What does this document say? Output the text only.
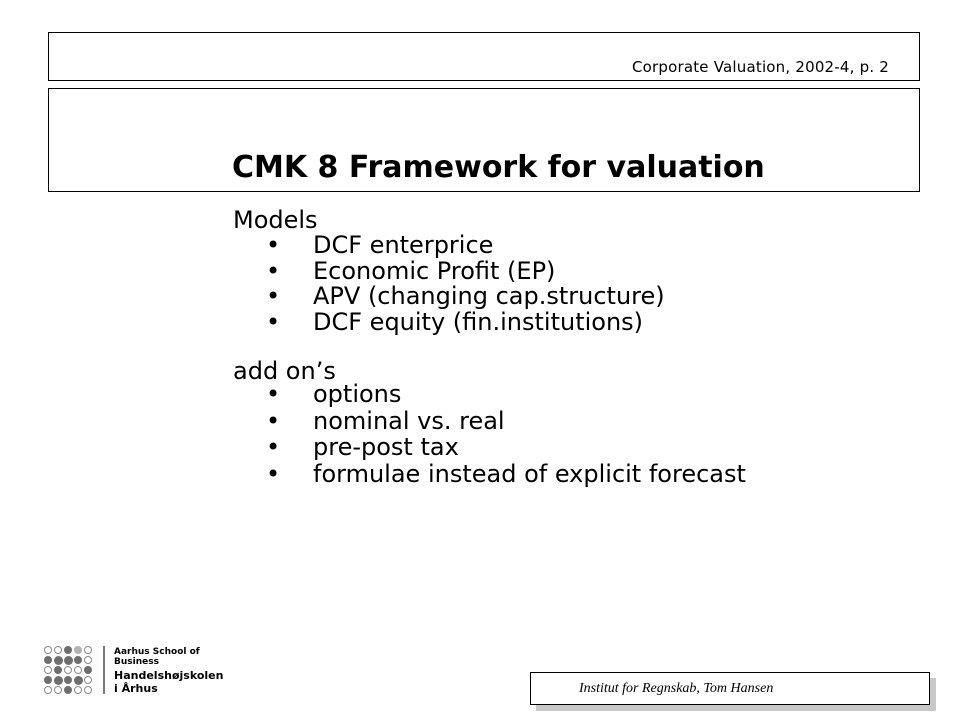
Corporate Valuation, 2002-4, p. 2
CMK 8 Framework for valuation
Models
• DCF enterprice
• Economic Profit (EP)
• APV (changing cap.structure)
• DCF equity (fin.institutions)
add on’s
• options
• nominal vs. real
• pre-post tax
• formulae instead of explicit forecast
Aarhus School of Business
Handelshøjskolen
i Århus	Institut for Regnskab, Tom Hansen
